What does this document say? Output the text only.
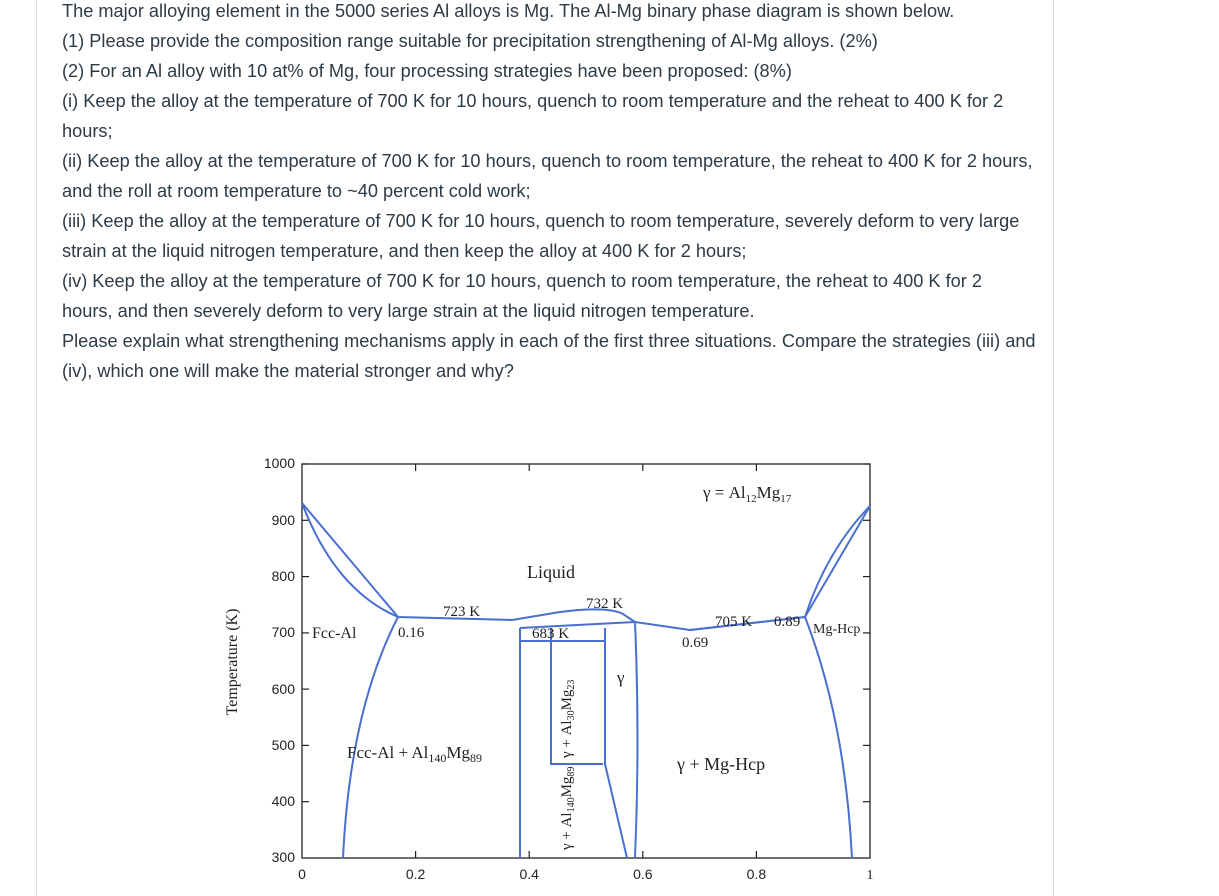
The major alloying element in the 5000 series Al alloys is Mg. The Al-Mg binary phase diagram is shown below.

(1) Please provide the composition range suitable for precipitation strengthening of Al-Mg alloys. (2%)

(2) For an Al alloy with 10 at% of Mg, four processing strategies have been proposed: (8%)

(i) Keep the alloy at the temperature of 700 K for 10 hours, quench to room temperature and the reheat to 400 K for 2 hours;

(ii) Keep the alloy at the temperature of 700 K for 10 hours, quench to room temperature, the reheat to 400 K for 2 hours, and the roll at room temperature to ~40 percent cold work;

(iii) Keep the alloy at the temperature of 700 K for 10 hours, quench to room temperature, severely deform to very large strain at the liquid nitrogen temperature, and then keep the alloy at 400 K for 2 hours;

(iv) Keep the alloy at the temperature of 700 K for 10 hours, quench to room temperature, the reheat to 400 K for 2 hours, and then severely deform to very large strain at the liquid nitrogen temperature.

Please explain what strengthening mechanisms apply in each of the first three situations. Compare the strategies (iii) and (iv), which one will make the material stronger and why?

1000
900
800
700
600
500
400
300
0	0.2	0.4	0.6	0.8	1
Temperature (K)
$\gamma = Al_{12}Mg_{17}$
Liquid
723 K	732 K
683 K
705 K
0.16
0.69
0.89
Fcc-Al	Mg-Hcp
γ
$Fcc-Al + Al_{140}Mg_{89}$	$\gamma + Al_{30}Mg_{23}$
$\gamma + Al_{140}Mg_{89}$	γ + Mg-Hcp
